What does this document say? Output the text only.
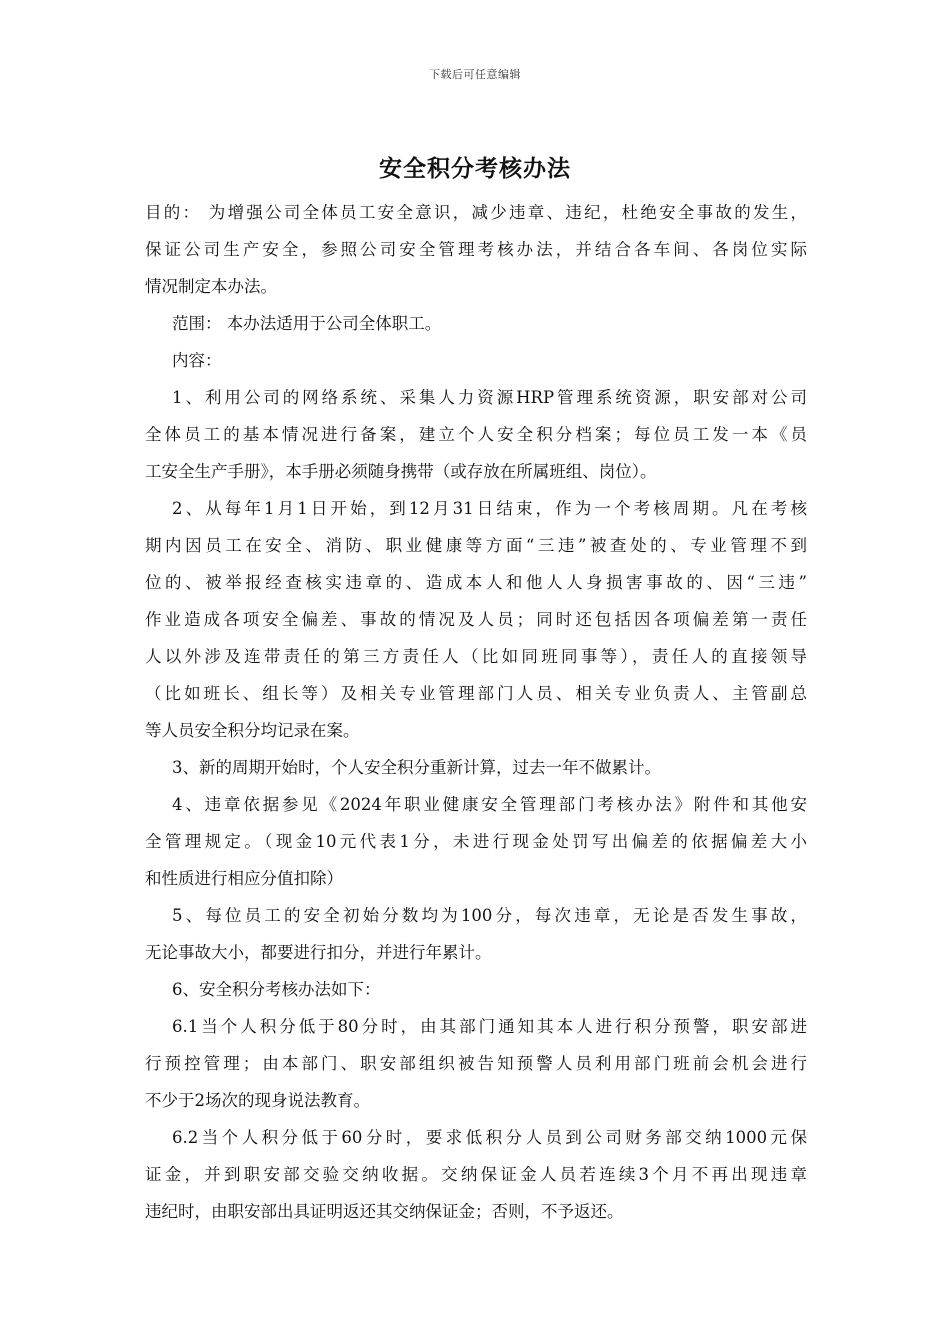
下载后可任意编辑
安全积分考核办法

目的： 为增强公司全体员工安全意识，减少违章、违纪，杜绝安全事故的发生，
保证公司生产安全，参照公司安全管理考核办法，并结合各车间、各岗位实际
情况制定本办法。

范围： 本办法适用于公司全体职工。

内容：

1、利用公司的网络系统、采集人力资源HRP管理系统资源，职安部对公司
全体员工的基本情况进行备案，建立个人安全积分档案；每位员工发一本《员
工安全生产手册》，本手册必须随身携带（或存放在所属班组、岗位）。

2、从每年1月1日开始，到12月31日结束，作为一个考核周期。凡在考核
期内因员工在安全、消防、职业健康等方面“三违”被查处的、专业管理不到
位的、被举报经查核实违章的、造成本人和他人人身损害事故的、因“三违”
作业造成各项安全偏差、事故的情况及人员；同时还包括因各项偏差第一责任
人以外涉及连带责任的第三方责任人（比如同班同事等），责任人的直接领导
（比如班长、组长等）及相关专业管理部门人员、相关专业负责人、主管副总
等人员安全积分均记录在案。

3、新的周期开始时，个人安全积分重新计算，过去一年不做累计。

4、违章依据参见《2024年职业健康安全管理部门考核办法》附件和其他安
全管理规定。（现金10元代表1分，未进行现金处罚写出偏差的依据偏差大小
和性质进行相应分值扣除）

5、每位员工的安全初始分数均为100分，每次违章，无论是否发生事故，
无论事故大小，都要进行扣分，并进行年累计。

6、安全积分考核办法如下：

6.1当个人积分低于80分时，由其部门通知其本人进行积分预警，职安部进
行预控管理；由本部门、职安部组织被告知预警人员利用部门班前会机会进行
不少于2场次的现身说法教育。

6.2当个人积分低于60分时，要求低积分人员到公司财务部交纳1000元保
证金，并到职安部交验交纳收据。交纳保证金人员若连续3个月不再出现违章
违纪时，由职安部出具证明返还其交纳保证金；否则，不予返还。
